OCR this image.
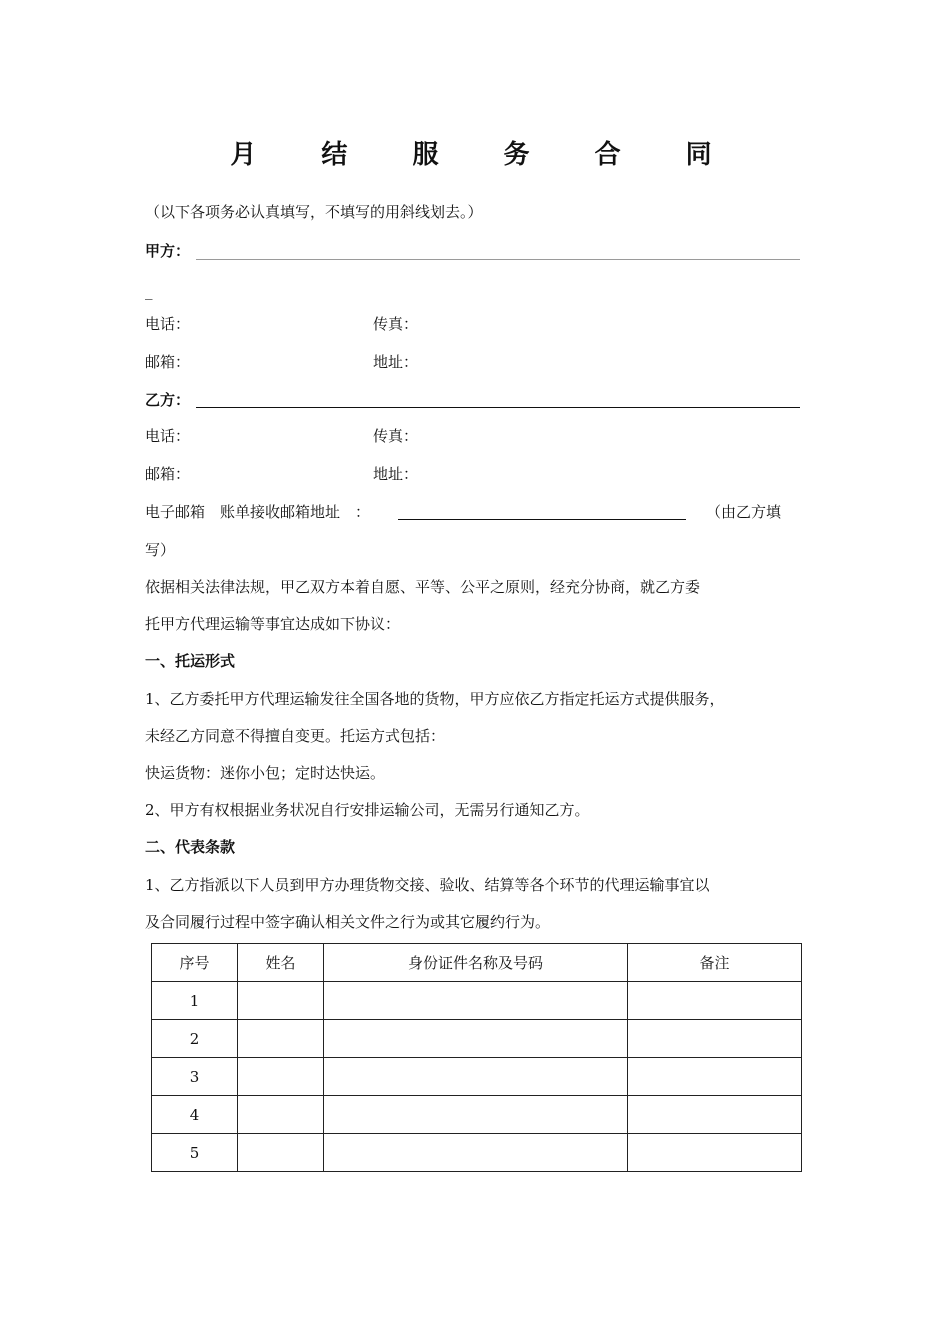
月 结 服 务 合 同
（以下各项务必认真填写，不填写的用斜线划去。）
甲方：
_
电话：	传真：
邮箱：	地址：
乙方：
电话：	传真：
邮箱：	地址：
电子邮箱　账单接收邮箱地址　：	（由乙方填
写）
依据相关法律法规，甲乙双方本着自愿、平等、公平之原则，经充分协商，就乙方委
托甲方代理运输等事宜达成如下协议：
一、托运形式
1、乙方委托甲方代理运输发往全国各地的货物，甲方应依乙方指定托运方式提供服务，
未经乙方同意不得擅自变更。托运方式包括：
快运货物：迷你小包；定时达快运。
2、甲方有权根据业务状况自行安排运输公司，无需另行通知乙方。
二、代表条款
1、乙方指派以下人员到甲方办理货物交接、验收、结算等各个环节的代理运输事宜以
及合同履行过程中签字确认相关文件之行为或其它履约行为。
序号	姓名	身份证件名称及号码	备注
1			
2			
3			
4			
5			
